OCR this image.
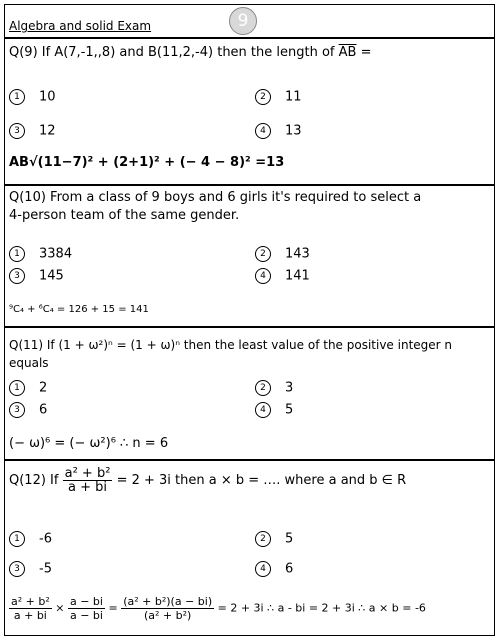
Algebra and solid Exam	9
Q(9) If A(7,-1,,8) and B(11,2,-4) then the length of $\overline{AB}$ =
1 10	2 11
3 12	4 13
AB√(11−7)² + (2+1)² + (− 4 − 8)² =13
Q(10) From a class of 9 boys and 6 girls it's required to select a
4-person team of the same gender.
1 3384	2 143
3 145	4 141
⁹C₄ + ⁶C₄ = 126 + 15 = 141
Q(11) If (1 + ω²)ⁿ = (1 + ω)ⁿ then the least value of the positive integer n
equals
1 2	2 3
3 6	4 5
(− ω)⁶ = (− ω²)⁶ ∴ n = 6
Q(12) If $\frac{\text{a² + b²}}{a + bi} = 2 + 3i$ then a × b = …. where a and b ∈ R
1 -6	2 5
3 -5	4 6
$\frac{\text{a² + b²}}{a + bi} \times \frac{a - bi}{a - bi} = \frac{\text{(a² + b²)(a − bi)}}{\text{(a² + b²)}} = 2 + 3i$ ∴ a - bi = 2 + 3i ∴ a × b = -6
